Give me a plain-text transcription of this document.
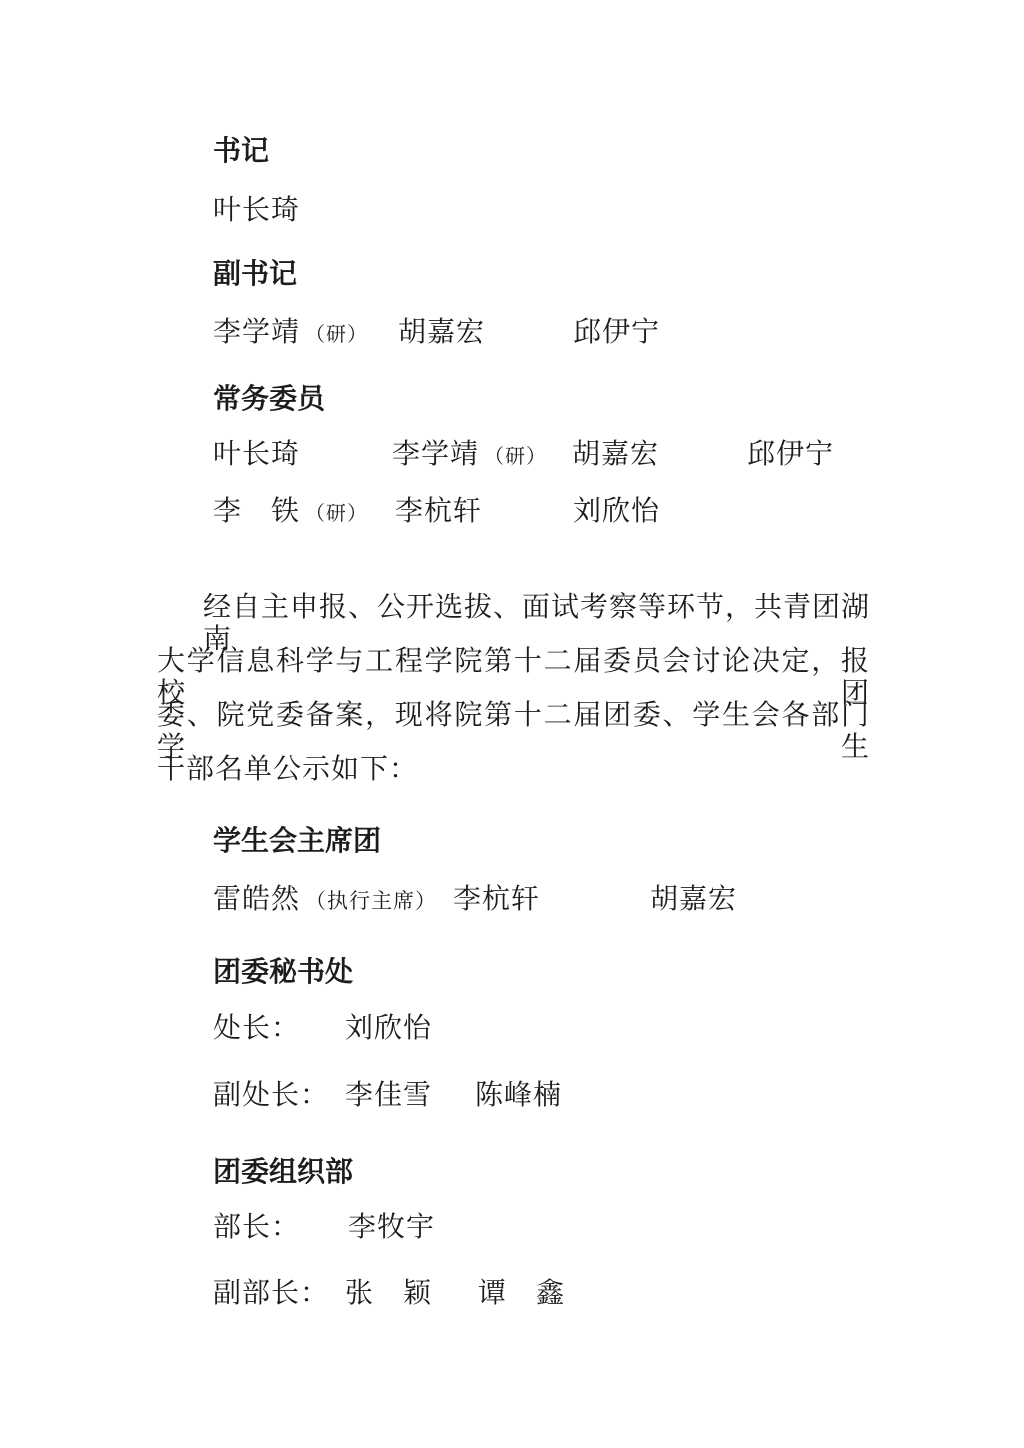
书记
叶长琦
副书记
李学靖 （研） 胡嘉宏	邱伊宁
常务委员
叶长琦	李学靖 （研） 胡嘉宏	邱伊宁
李　铁 （研） 李杭轩	刘欣怡
经自主申报、公开选拔、面试考察等环节，共青团湖南
大学信息科学与工程学院第十二届委员会讨论决定，报校团
委、院党委备案，现将院第十二届团委、学生会各部门学生
干部名单公示如下：
学生会主席团
雷皓然 （执行主席） 李杭轩	胡嘉宏
团委秘书处
处长： 刘欣怡
副处长： 李佳雪 陈峰楠
团委组织部
部长： 李牧宇
副部长： 张　颖 谭　鑫
